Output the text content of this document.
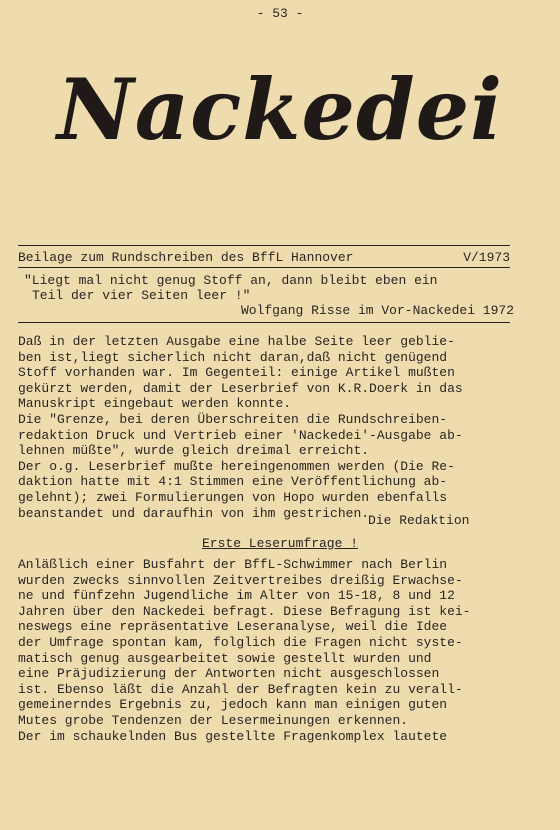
- 53 -
Nackedei
Beilage zum Rundschreiben des BffL Hannover	V/1973
"Liegt mal nicht genug Stoff an, dann bleibt eben ein
Teil der vier Seiten leer !"

Wolfgang Risse im Vor-Nackedei 1972

Daß in der letzten Ausgabe eine halbe Seite leer geblie-

ben ist,liegt sicherlich nicht daran,daß nicht genügend

Stoff vorhanden war. Im Gegenteil: einige Artikel mußten

gekürzt werden, damit der Leserbrief von K.R.Doerk in das

Manuskript eingebaut werden konnte.

Die "Grenze, bei deren Überschreiten die Rundschreiben-

redaktion Druck und Vertrieb einer 'Nackedei'-Ausgabe ab-

lehnen müßte", wurde gleich dreimal erreicht.

Der o.g. Leserbrief mußte hereingenommen werden (Die Re-

daktion hatte mit 4:1 Stimmen eine Veröffentlichung ab-

gelehnt); zwei Formulierungen von Hopo wurden ebenfalls

beanstandet und daraufhin von ihm gestrichen.

Die Redaktion
Erste Leserumfrage !

Anläßlich einer Busfahrt der BffL-Schwimmer nach Berlin

wurden zwecks sinnvollen Zeitvertreibes dreißig Erwachse-

ne und fünfzehn Jugendliche im Alter von 15-18, 8 und 12

Jahren über den Nackedei befragt. Diese Befragung ist kei-

neswegs eine repräsentative Leseranalyse, weil die Idee

der Umfrage spontan kam, folglich die Fragen nicht syste-

matisch genug ausgearbeitet sowie gestellt wurden und

eine Präjudizierung der Antworten nicht ausgeschlossen

ist. Ebenso läßt die Anzahl der Befragten kein zu verall-

gemeinerndes Ergebnis zu, jedoch kann man einigen guten

Mutes grobe Tendenzen der Lesermeinungen erkennen.

Der im schaukelnden Bus gestellte Fragenkomplex lautete
